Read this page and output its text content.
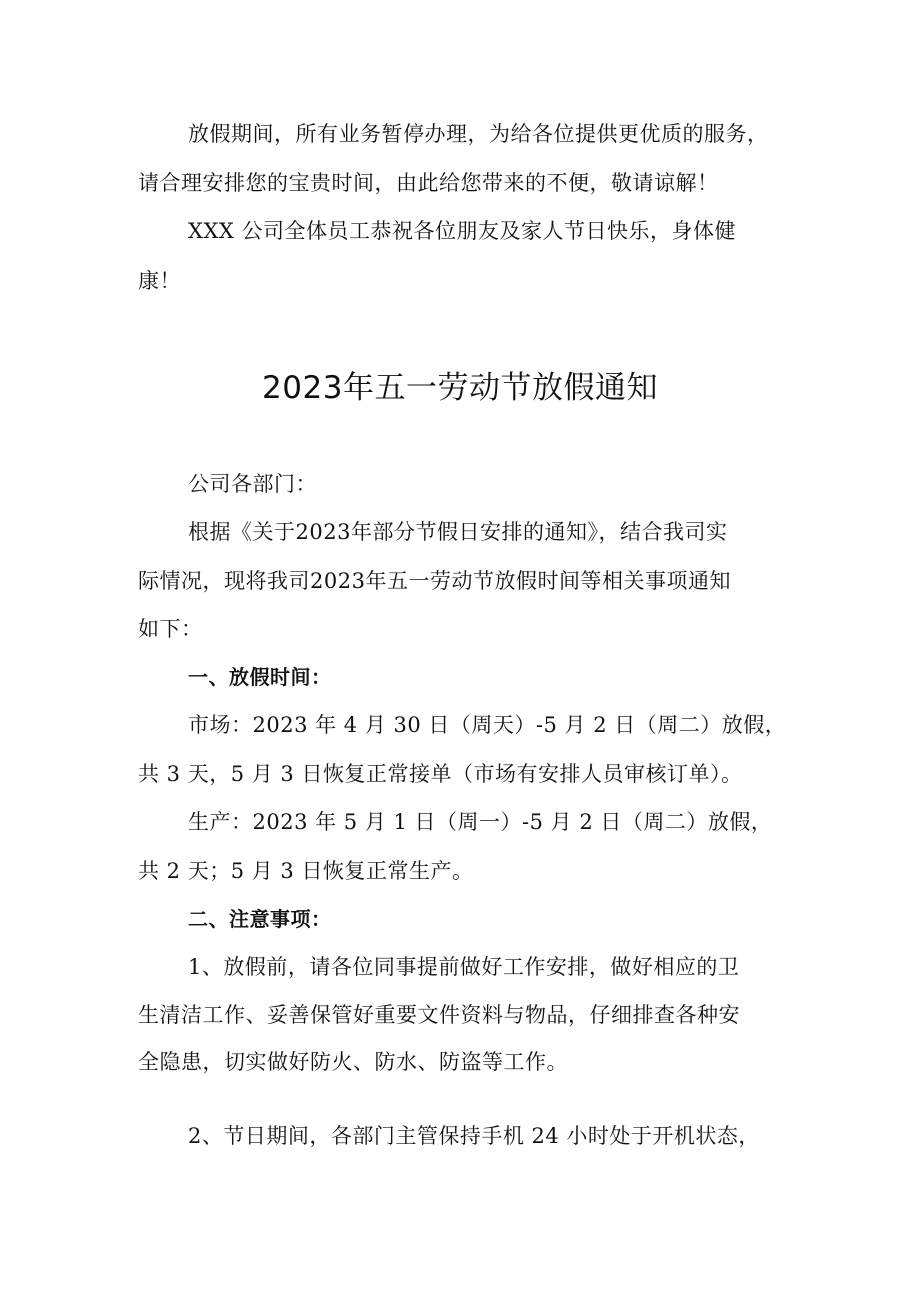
放假期间，所有业务暂停办理，为给各位提供更优质的服务，
请合理安排您的宝贵时间，由此给您带来的不便，敬请谅解！
XXX 公司全体员工恭祝各位朋友及家人节日快乐，身体健
康！
2023年五一劳动节放假通知
公司各部门：
根据《关于2023年部分节假日安排的通知》，结合我司实
际情况，现将我司2023年五一劳动节放假时间等相关事项通知
如下：
一、放假时间：
市场：2023 年 4 月 30 日（周天）-5 月 2 日（周二）放假，
共 3 天，5 月 3 日恢复正常接单（市场有安排人员审核订单）。
生产：2023 年 5 月 1 日（周一）-5 月 2 日（周二）放假，
共 2 天；5 月 3 日恢复正常生产。
二、注意事项：
1、放假前，请各位同事提前做好工作安排，做好相应的卫
生清洁工作、妥善保管好重要文件资料与物品，仔细排查各种安
全隐患，切实做好防火、防水、防盗等工作。
2、节日期间，各部门主管保持手机 24 小时处于开机状态，
